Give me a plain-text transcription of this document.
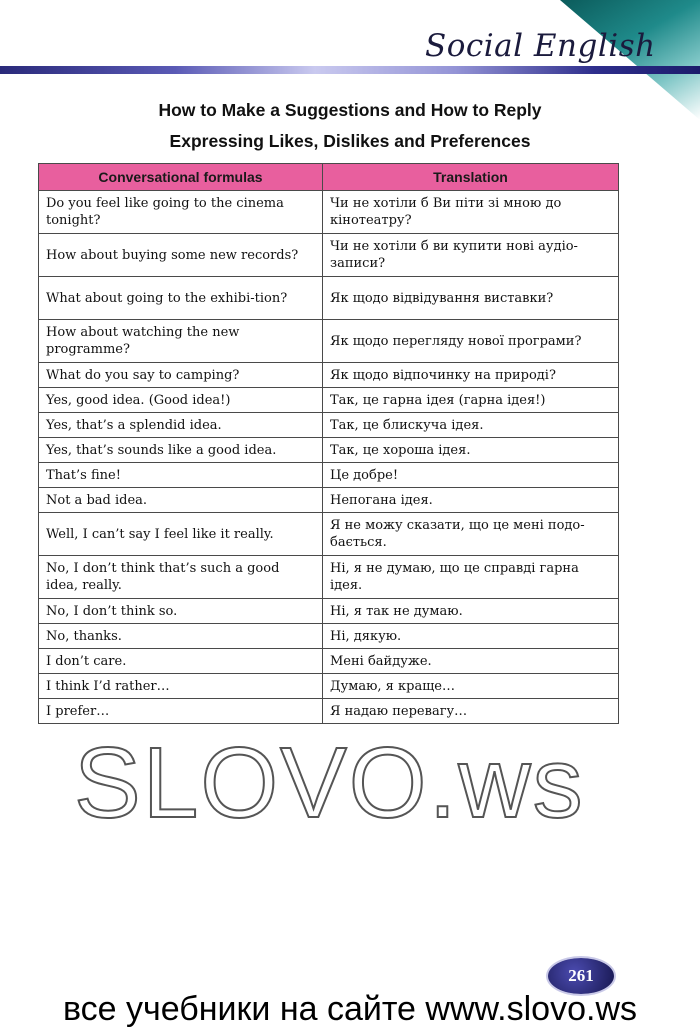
Social English
How to Make a Suggestions and How to Reply
Expressing Likes, Dislikes and Preferences
Conversational formulas	Translation
Do you feel like going to the cinema tonight?	Чи не хотіли б Ви піти зі мною до кінотеатру?
How about buying some new records?	Чи не хотіли б ви купити нові аудіо-записи?
What about going to the exhibi-tion?	Як щодо відвідування виставки?
How about watching the new programme?	Як щодо перегляду нової програми?
What do you say to camping?	Як щодо відпочинку на природі?
Yes, good idea. (Good idea!)	Так, це гарна ідея (гарна ідея!)
Yes, that’s a splendid idea.	Так, це блискуча ідея.
Yes, that’s sounds like a good idea.	Так, це хороша ідея.
That’s fine!	Це добре!
Not a bad idea.	Непогана ідея.
Well, I can’t say I feel like it really.	Я не можу сказати, що це мені подо-бається.
No, I don’t think that’s such a good idea, really.	Ні, я не думаю, що це справді гарна ідея.
No, I don’t think so.	Ні, я так не думаю.
No, thanks.	Ні, дякую.
I don’t care.	Мені байдуже.
I think I’d rather…	Думаю, я краще…
I prefer…	Я надаю перевагу…
SLOVO.ws
261
все учебники на сайте www.slovo.ws
